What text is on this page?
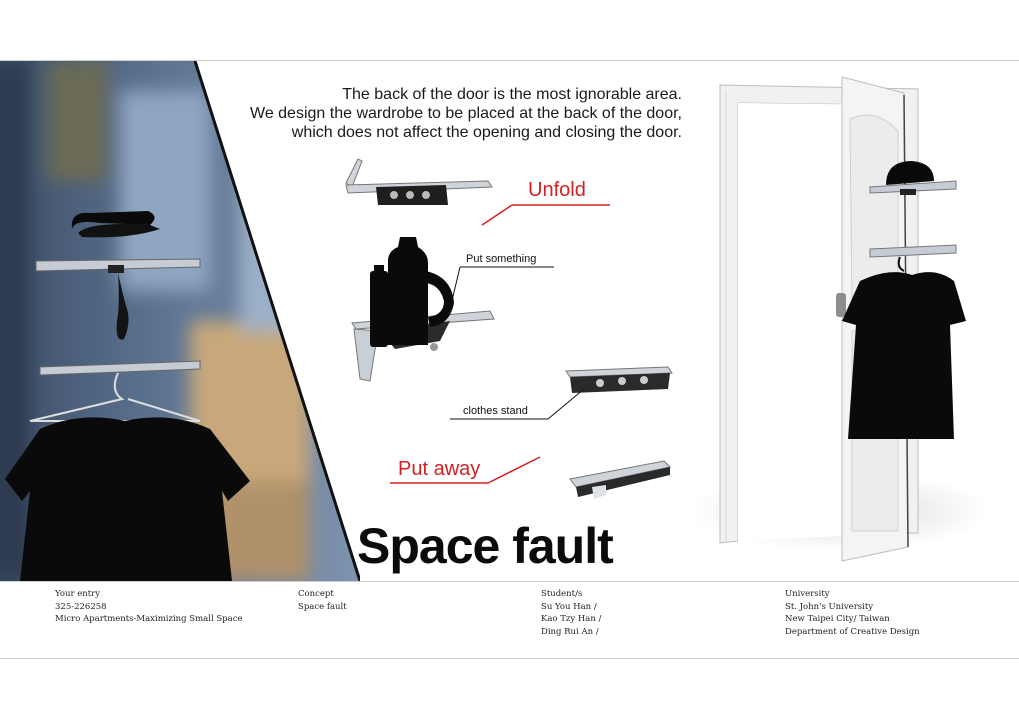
The back of the door is the most ignorable area.
We design the wardrobe to be placed at the back of the door,
which does not affect the opening and closing the door.
Unfold
Put something
clothes stand
Put away
Space fault
Your entry
325-226258
Micro Apartments-Maximizing Small Space
Concept
Space fault
Student/s
Su You Han /
Kao Tzy Han /
Ding Rui An /
University
St. John's University
New Taipei City/ Taiwan
Department of Creative Design
